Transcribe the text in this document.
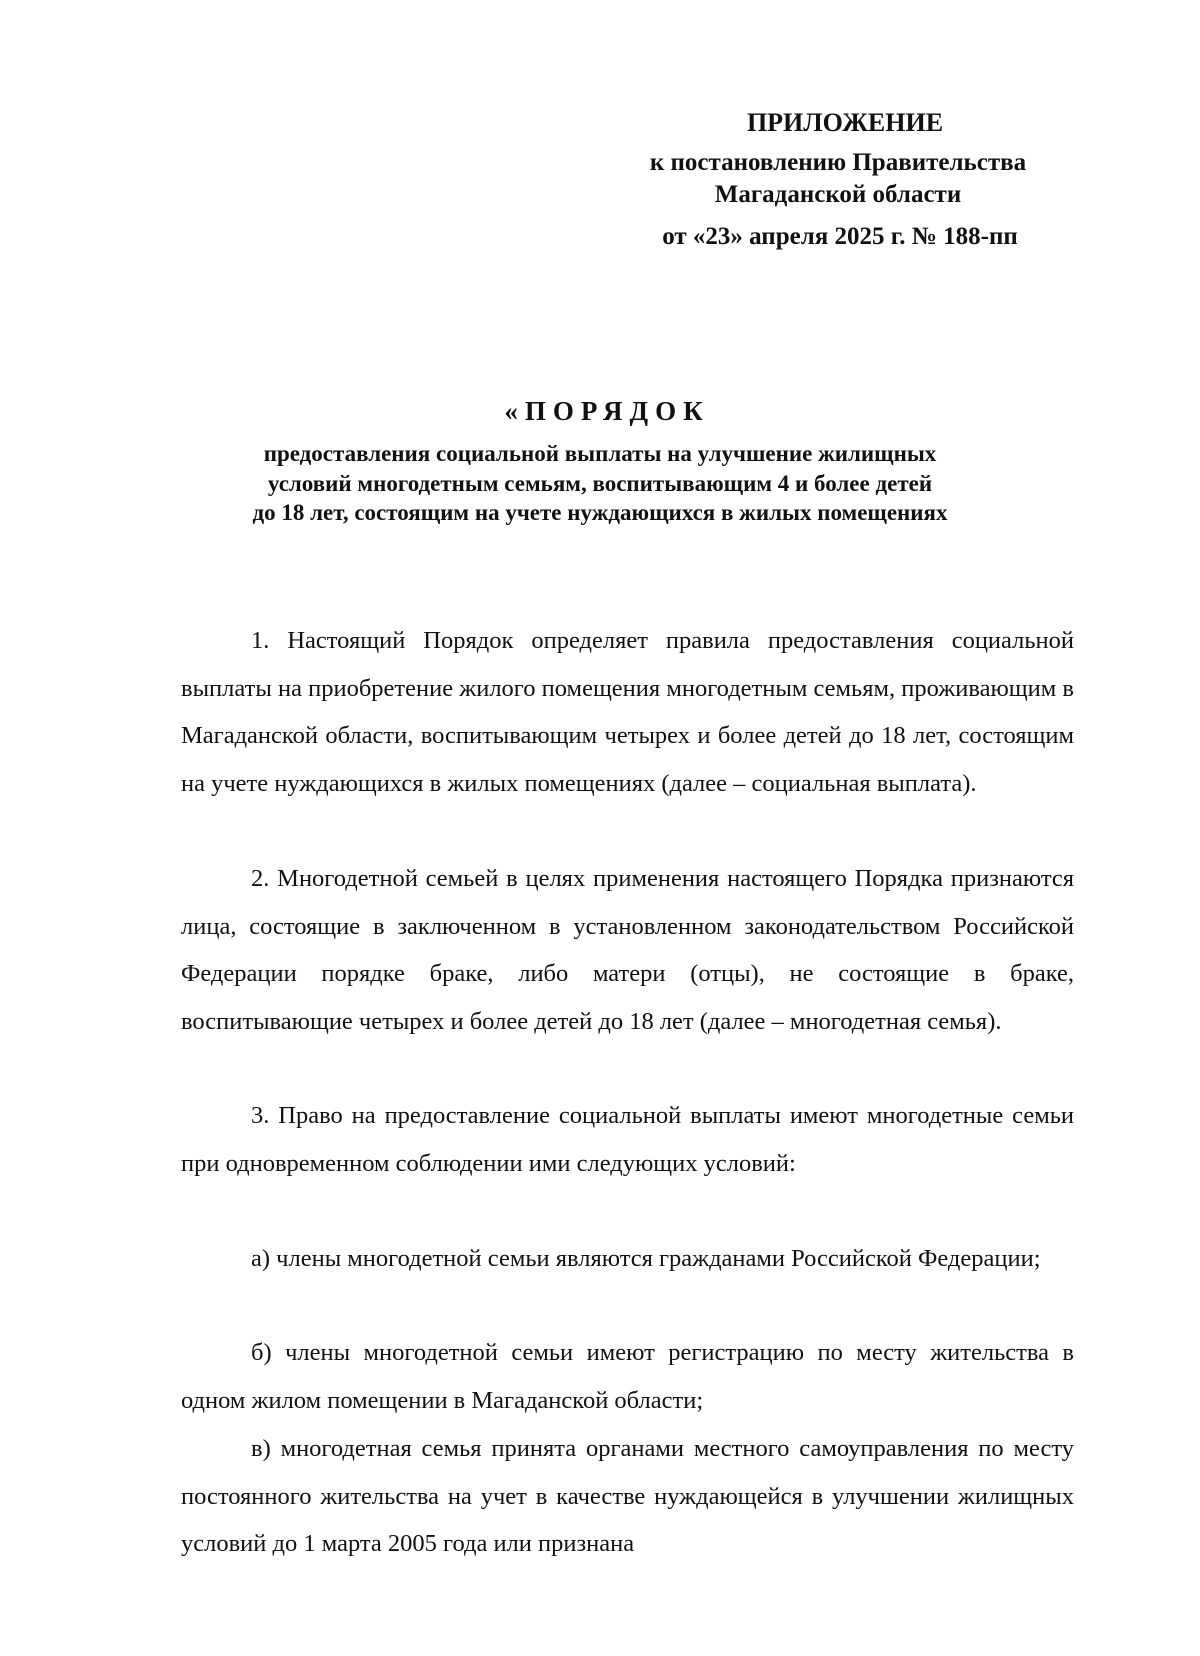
ПРИЛОЖЕНИЕ
к постановлению Правительства
Магаданской области
от «23» апреля 2025 г. № 188-пп
«ПОРЯДОК
предоставления социальной выплаты на улучшение жилищных
условий многодетным семьям, воспитывающим 4 и более детей
до 18 лет, состоящим на учете нуждающихся в жилых помещениях

1. Настоящий Порядок определяет правила предоставления социальной выплаты на приобретение жилого помещения многодетным семьям, проживающим в Магаданской области, воспитывающим четырех и более детей до 18 лет, состоящим на учете нуждающихся в жилых помещениях (далее – социальная выплата).

2. Многодетной семьей в целях применения настоящего Порядка признаются лица, состоящие в заключенном в установленном законодательством Российской Федерации порядке браке, либо матери (отцы), не состоящие в браке, воспитывающие четырех и более детей до 18 лет (далее – многодетная семья).

3. Право на предоставление социальной выплаты имеют многодетные семьи при одновременном соблюдении ими следующих условий:

а) члены многодетной семьи являются гражданами Российской Федерации;

б) члены многодетной семьи имеют регистрацию по месту жительства в одном жилом помещении в Магаданской области;

в) многодетная семья принята органами местного самоуправления по месту постоянного жительства на учет в качестве нуждающейся в улучшении жилищных условий до 1 марта 2005 года или признана
